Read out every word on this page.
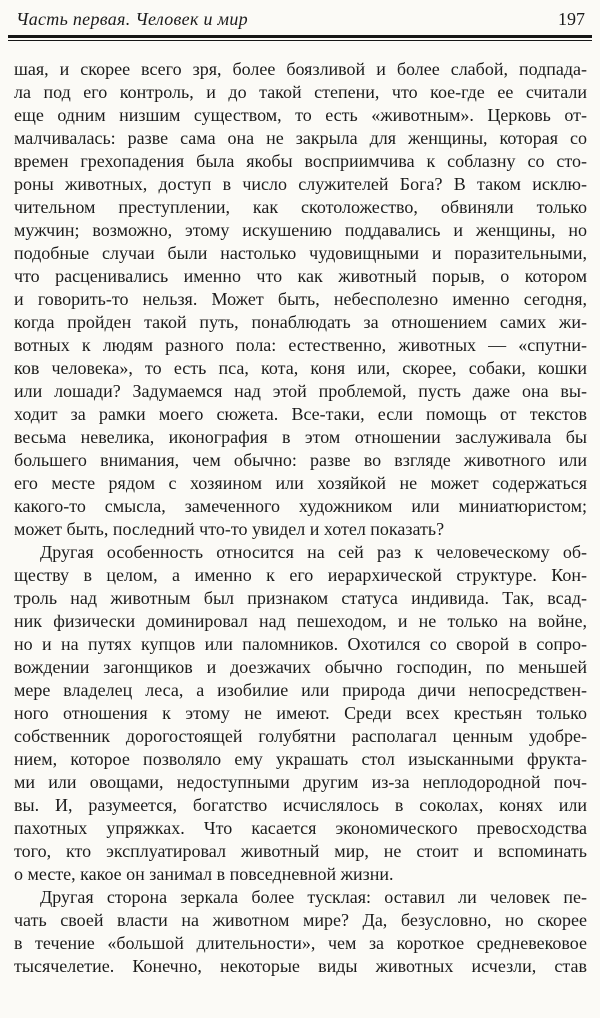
Часть первая. Человек и мир	197
шая, и скорее всего зря, более боязливой и более слабой, подпада-
ла под его контроль, и до такой степени, что кое-где ее считали
еще одним низшим существом, то есть «животным». Церковь от-
малчивалась: разве сама она не закрыла для женщины, которая со
времен грехопадения была якобы восприимчива к соблазну со сто-
роны животных, доступ в число служителей Бога? В таком исклю-
чительном преступлении, как скотоложество, обвиняли только
мужчин; возможно, этому искушению поддавались и женщины, но
подобные случаи были настолько чудовищными и поразительными,
что расценивались именно что как животный порыв, о котором
и говорить-то нельзя. Может быть, небесполезно именно сегодня,
когда пройден такой путь, понаблюдать за отношением самих жи-
вотных к людям разного пола: естественно, животных — «спутни-
ков человека», то есть пса, кота, коня или, скорее, собаки, кошки
или лошади? Задумаемся над этой проблемой, пусть даже она вы-
ходит за рамки моего сюжета. Все-таки, если помощь от текстов
весьма невелика, иконография в этом отношении заслуживала бы
большего внимания, чем обычно: разве во взгляде животного или
его месте рядом с хозяином или хозяйкой не может содержаться
какого-то смысла, замеченного художником или миниатюристом;
может быть, последний что-то увидел и хотел показать?
Другая особенность относится на сей раз к человеческому об-
ществу в целом, а именно к его иерархической структуре. Кон-
троль над животным был признаком статуса индивида. Так, всад-
ник физически доминировал над пешеходом, и не только на войне,
но и на путях купцов или паломников. Охотился со сворой в сопро-
вождении загонщиков и доезжачих обычно господин, по меньшей
мере владелец леса, а изобилие или природа дичи непосредствен-
ного отношения к этому не имеют. Среди всех крестьян только
собственник дорогостоящей голубятни располагал ценным удобре-
нием, которое позволяло ему украшать стол изысканными фрукта-
ми или овощами, недоступными другим из-за неплодородной поч-
вы. И, разумеется, богатство исчислялось в соколах, конях или
пахотных упряжках. Что касается экономического превосходства
того, кто эксплуатировал животный мир, не стоит и вспоминать
о месте, какое он занимал в повседневной жизни.
Другая сторона зеркала более тусклая: оставил ли человек пе-
чать своей власти на животном мире? Да, безусловно, но скорее
в течение «большой длительности», чем за короткое средневековое
тысячелетие. Конечно, некоторые виды животных исчезли, став
